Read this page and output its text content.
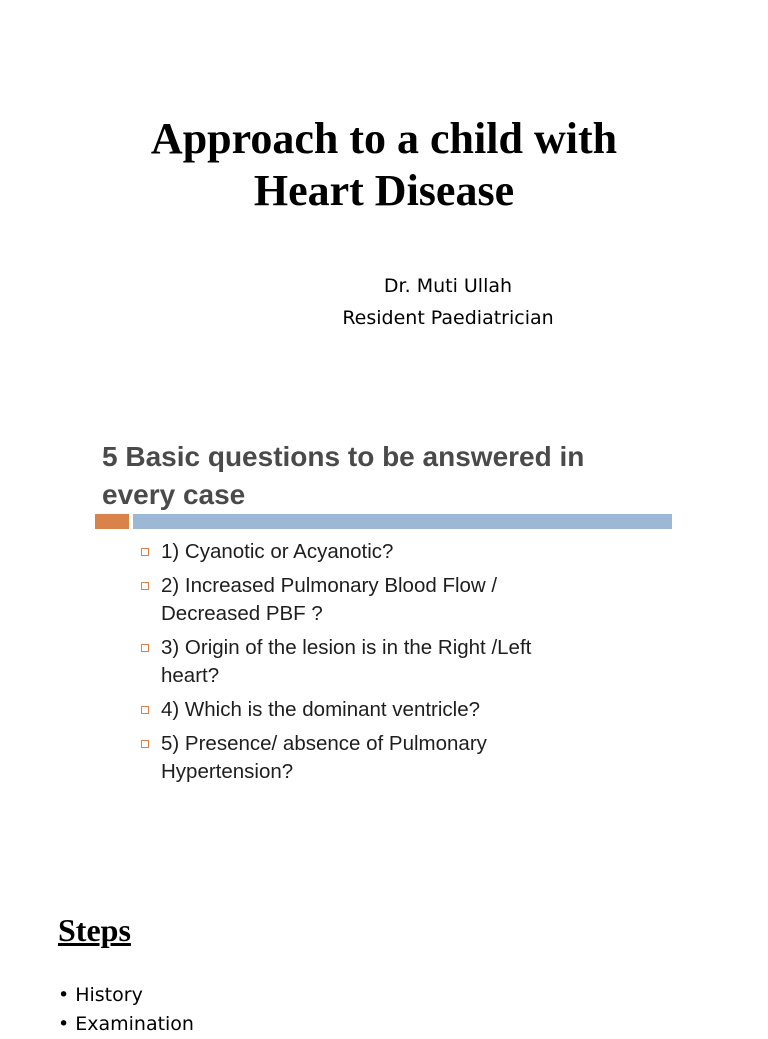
Approach to a child with
Heart Disease
Dr. Muti Ullah
Resident Paediatrician
5 Basic questions to be answered in every case
1) Cyanotic or Acyanotic?
2) Increased Pulmonary Blood Flow /
Decreased PBF ?
3) Origin of the lesion is in the Right /Left
heart?
4) Which is the dominant ventricle?
5) Presence/ absence of Pulmonary
Hypertension?
Steps
• History
• Examination
